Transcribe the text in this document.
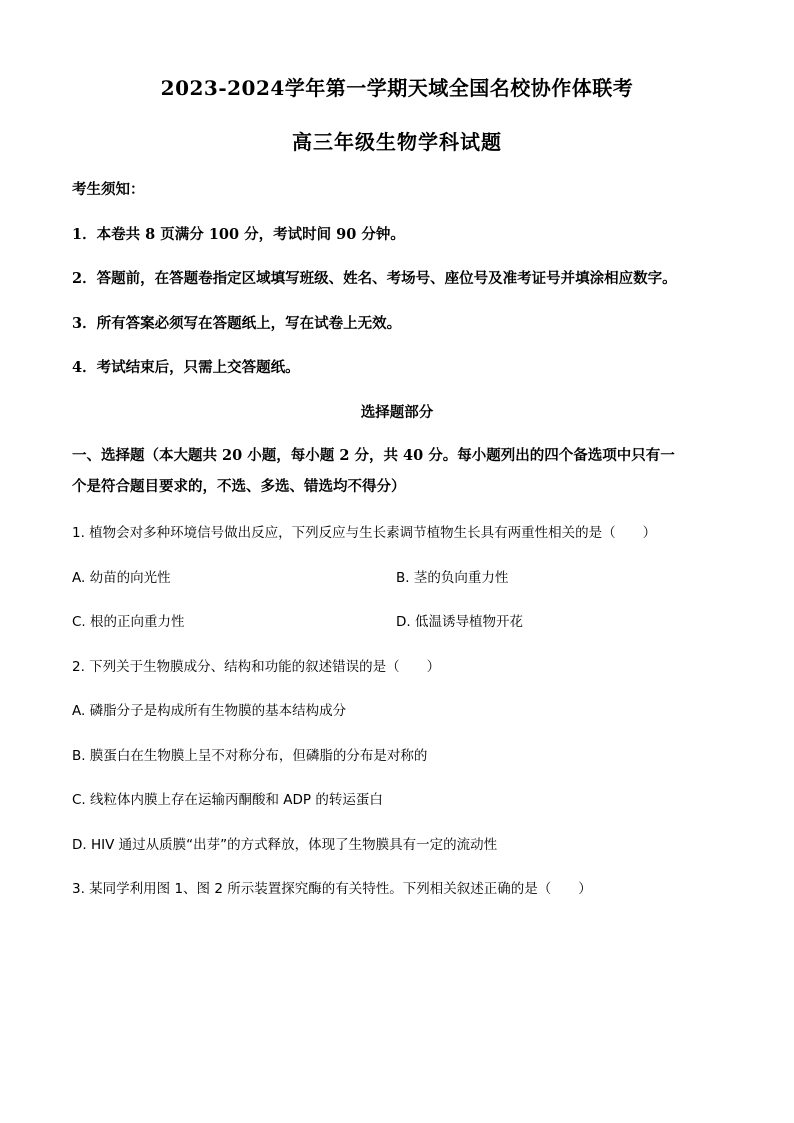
2023-2024学年第一学期天域全国名校协作体联考
高三年级生物学科试题
考生须知：
1．本卷共 8 页满分 100 分，考试时间 90 分钟。
2．答题前，在答题卷指定区域填写班级、姓名、考场号、座位号及准考证号并填涂相应数字。
3．所有答案必须写在答题纸上，写在试卷上无效。
4．考试结束后，只需上交答题纸。
选择题部分
一、选择题（本大题共 20 小题，每小题 2 分，共 40 分。每小题列出的四个备选项中只有一
个是符合题目要求的，不选、多选、错选均不得分）
1. 植物会对多种环境信号做出反应，下列反应与生长素调节植物生长具有两重性相关的是（　　）
A. 幼苗的向光性	B. 茎的负向重力性
C. 根的正向重力性	D. 低温诱导植物开花
2. 下列关于生物膜成分、结构和功能的叙述错误的是（　　）
A. 磷脂分子是构成所有生物膜的基本结构成分
B. 膜蛋白在生物膜上呈不对称分布，但磷脂的分布是对称的
C. 线粒体内膜上存在运输丙酮酸和 ADP 的转运蛋白
D. HIV 通过从质膜“出芽”的方式释放，体现了生物膜具有一定的流动性
3. 某同学利用图 1、图 2 所示装置探究酶的有关特性。下列相关叙述正确的是（　　）
